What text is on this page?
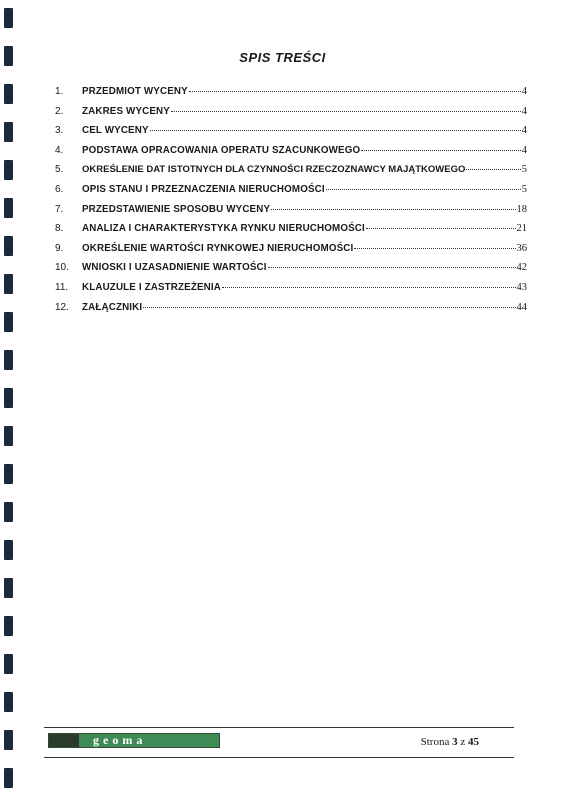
SPIS TREŚCI
1.	PRZEDMIOT WYCENY	4
2.	ZAKRES WYCENY	4
3.	CEL WYCENY	4
4.	PODSTAWA OPRACOWANIA OPERATU SZACUNKOWEGO	4
5.	OKREŚLENIE DAT ISTOTNYCH DLA CZYNNOŚCI RZECZOZNAWCY MAJĄTKOWEGO	5
6.	OPIS STANU I PRZEZNACZENIA NIERUCHOMOŚCI	5
7.	PRZEDSTAWIENIE SPOSOBU WYCENY	18
8.	ANALIZA I CHARAKTERYSTYKA RYNKU NIERUCHOMOŚCI	21
9.	OKREŚLENIE WARTOŚCI RYNKOWEJ NIERUCHOMOŚCI	36
10.	WNIOSKI I UZASADNIENIE WARTOŚCI	42
11.	KLAUZULE I ZASTRZEŻENIA	43
12.	ZAŁĄCZNIKI	44
geoma	Strona 3 z 45
